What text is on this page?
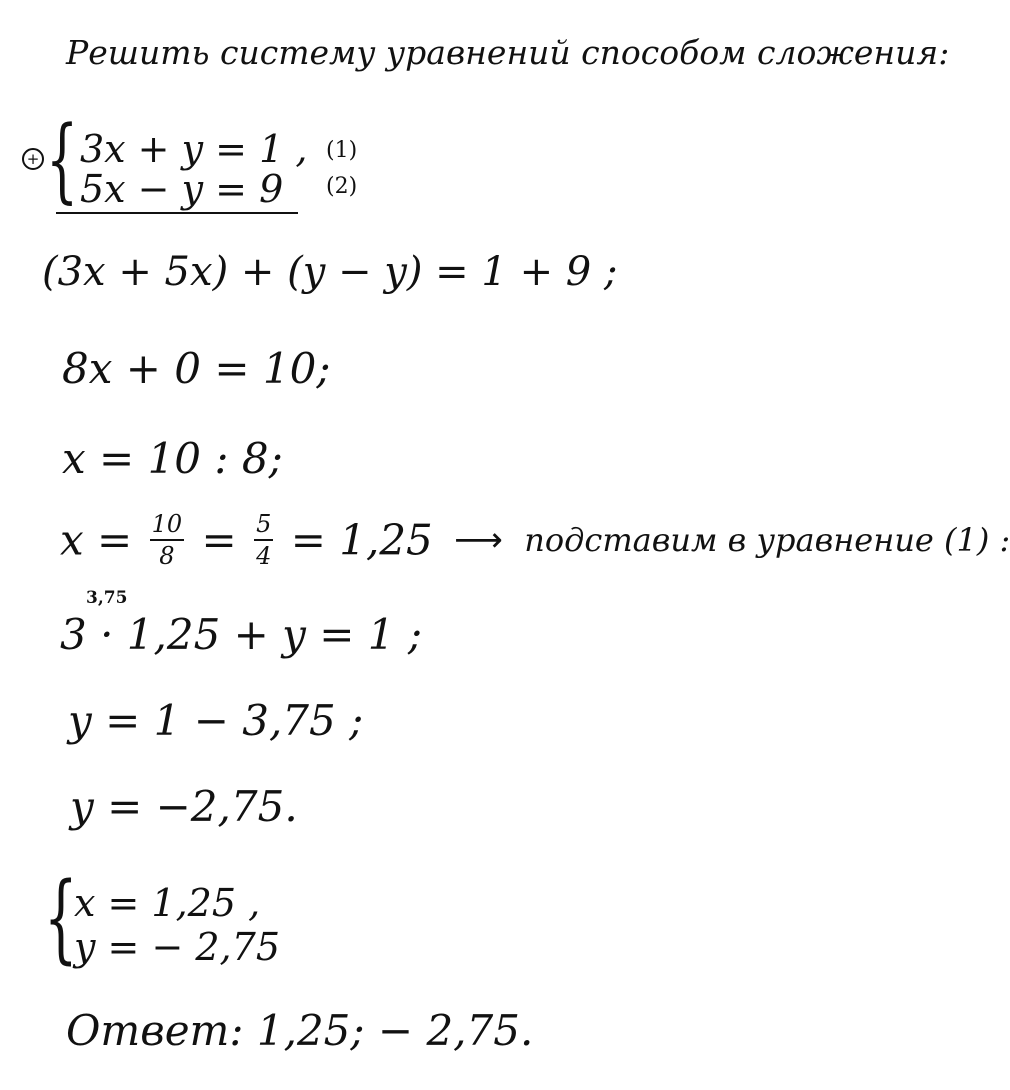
Решить систему уравнений способом сложения:
+ { 3x + y = 1 , (1)
5x − y = 9 (2)
(3x + 5x) + (y − y) = 1 + 9 ;
8x + 0 = 10;
x = 10 : 8;
$x = \frac{10}{8} = \frac{5}{4} = 1,25$ ⟶ подставим в уравнение (1) :
3,75
3 · 1,25 + y = 1 ;
y = 1 − 3,75 ;
y = −2,75.
{
x = 1,25 ,
y = − 2,75
Ответ: 1,25; − 2,75.
